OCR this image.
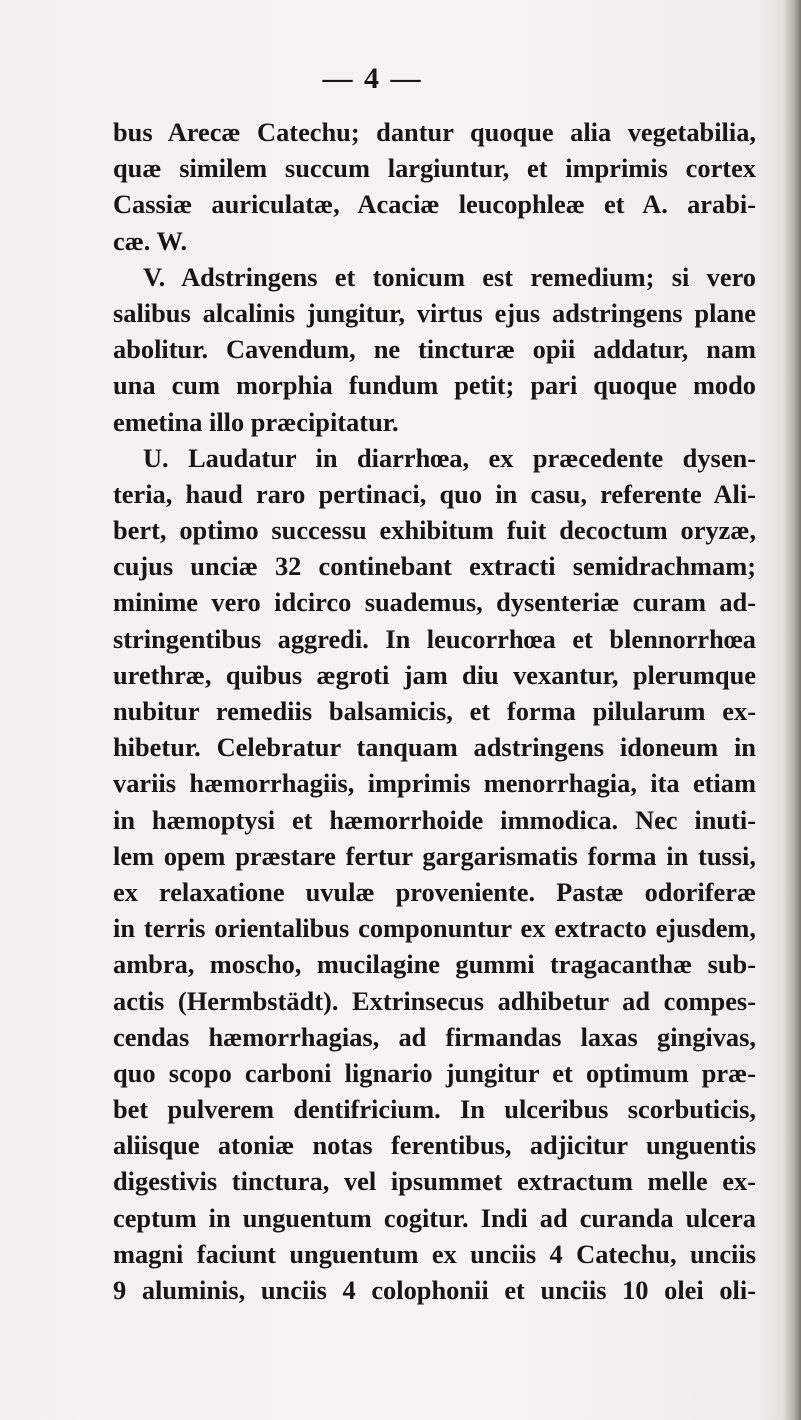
— 4 —
bus Arecæ Catechu; dantur quoque alia vegetabilia,
quæ similem succum largiuntur, et imprimis cortex
Cassiæ auriculatæ, Acaciæ leucophleæ et A. arabi-
cæ. W.
V. Adstringens et tonicum est remedium; si vero
salibus alcalinis jungitur, virtus ejus adstringens plane
abolitur. Cavendum, ne tincturæ opii addatur, nam
una cum morphia fundum petit; pari quoque modo
emetina illo præcipitatur.
U. Laudatur in diarrhœa, ex præcedente dysen-
teria, haud raro pertinaci, quo in casu, referente Ali-
bert, optimo successu exhibitum fuit decoctum oryzæ,
cujus unciæ 32 continebant extracti semidrachmam;
minime vero idcirco suademus, dysenteriæ curam ad-
stringentibus aggredi. In leucorrhœa et blennorrhœa
urethræ, quibus ægroti jam diu vexantur, plerumque
nubitur remediis balsamicis, et forma pilularum ex-
hibetur. Celebratur tanquam adstringens idoneum in
variis hæmorrhagiis, imprimis menorrhagia, ita etiam
in hæmoptysi et hæmorrhoide immodica. Nec inuti-
lem opem præstare fertur gargarismatis forma in tussi,
ex relaxatione uvulæ proveniente. Pastæ odoriferæ
in terris orientalibus componuntur ex extracto ejusdem,
ambra, moscho, mucilagine gummi tragacanthæ sub-
actis (Hermbstädt). Extrinsecus adhibetur ad compes-
cendas hæmorrhagias, ad firmandas laxas gingivas,
quo scopo carboni lignario jungitur et optimum præ-
bet pulverem dentifricium. In ulceribus scorbuticis,
aliisque atoniæ notas ferentibus, adjicitur unguentis
digestivis tinctura, vel ipsummet extractum melle ex-
ceptum in unguentum cogitur. Indi ad curanda ulcera
magni faciunt unguentum ex unciis 4 Catechu, unciis
9 aluminis, unciis 4 colophonii et unciis 10 olei oli-
